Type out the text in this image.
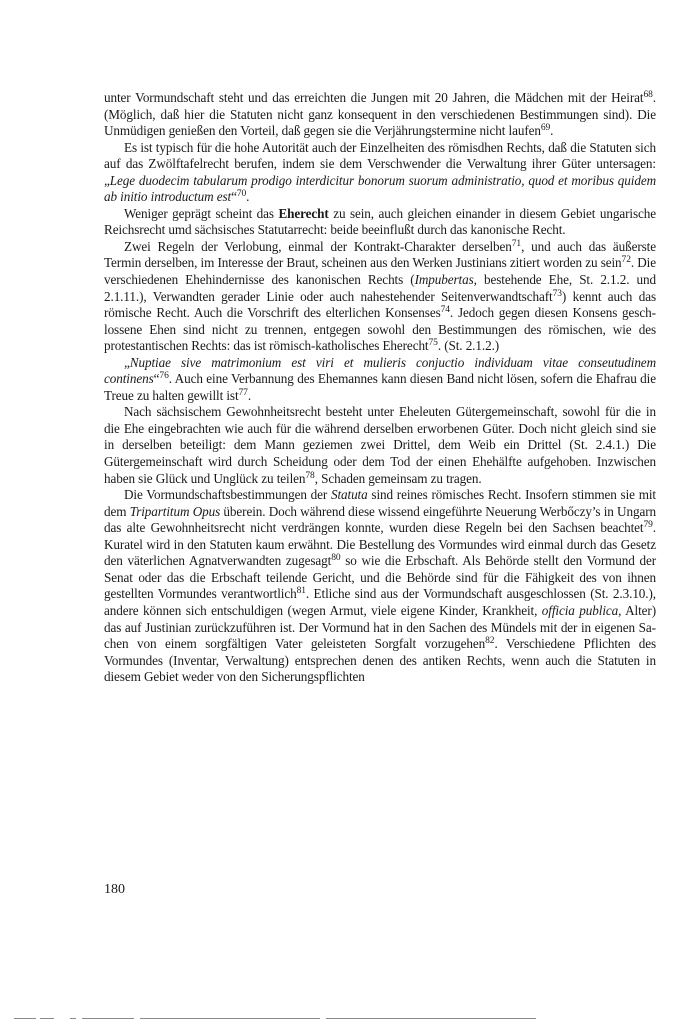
unter Vormundschaft steht und das erreichten die Jungen mit 20 Jahren, die Mädchen mit der Heirat$^{68}$. (Möglich, daß hier die Statuten nicht ganz konsequent in den verschiedenen Bestimmungen sind). Die Unmüdigen genießen den Vorteil, daß gegen sie die Verjährungstermine nicht laufen$^{69}$.

Es ist typisch für die hohe Autorität auch der Einzelheiten des römisdhen Rechts, daß die Statuten sich auf das Zwölftafelrecht berufen, indem sie dem Verschwender die Verwaltung ihrer Güter untersagen: „Lege duodecim tabularum prodigo interdicitur bonorum suorum administratio, quod et moribus quidem ab initio introductum est“$^{70}$.

Weniger geprägt scheint das Eherecht zu sein, auch gleichen einander in diesem Gebiet ungarische Reichsrecht umd sächsisches Statutarrecht: beide beeinflußt durch das kanonische Recht.

Zwei Regeln der Verlobung, einmal der Kontrakt-Charakter derselben$^{71}$, und auch das äußerste Termin derselben, im Interesse der Braut, scheinen aus den Werken Justinians zitiert worden zu sein$^{72}$. Die verschiedenen Ehehindernisse des kanonischen Rechts (Impubertas, bestehende Ehe, St. 2.1.2. und 2.1.11.), Verwandten gerader Linie oder auch nahestehender Seitenverwandtschaft$^{73}$) kennt auch das römische Recht. Auch die Vorschrift des elterlichen Konsenses$^{74}$. Jedoch gegen diesen Konsens geschlossene Ehen sind nicht zu trennen, entgegen sowohl den Bestimmungen des römischen, wie des protestantischen Rechts: das ist römisch-katholisches Eherecht$^{75}$. (St. 2.1.2.)

„Nuptiae sive matrimonium est viri et mulieris conjuctio individuam vitae conseutudinem continens“$^{76}$. Auch eine Verbannung des Ehemannes kann diesen Band nicht lösen, sofern die Ehafrau die Treue zu halten gewillt ist$^{77}$.

Nach sächsischem Gewohnheitsrecht besteht unter Eheleuten Gütergemeinschaft, sowohl für die in die Ehe eingebrachten wie auch für die während derselben erworbenen Güter. Doch nicht gleich sind sie in derselben beteiligt: dem Mann geziemen zwei Drittel, dem Weib ein Drittel (St. 2.4.1.) Die Gütergemeinschaft wird durch Scheidung oder dem Tod der einen Ehehälfte aufgehoben. Inzwischen haben sie Glück und Unglück zu teilen$^{78}$, Schaden gemeinsam zu tragen.

Die Vormundschaftsbestimmungen der Statuta sind reines römisches Recht. Insofern stimmen sie mit dem Tripartitum Opus überein. Doch während diese wissend eingeführte Neuerung Werbőczy’s in Ungarn das alte Gewohnheitsrecht nicht verdrängen konnte, wurden diese Regeln bei den Sachsen beachtet$^{79}$. Kuratel wird in den Statuten kaum erwähnt. Die Bestellung des Vormundes wird einmal durch das Gesetz den väterlichen Agnatverwandten zugesagt$^{80}$ so wie die Erbschaft. Als Behörde stellt den Vormund der Senat oder das die Erbschaft teilende Gericht, und die Behörde sind für die Fähigkeit des von ihnen gestellten Vormundes verantwortlich$^{81}$. Etliche sind aus der Vormundschaft ausgeschlossen (St. 2.3.10.), andere können sich entschuldigen (wegen Armut, viele eigene Kinder, Krankheit, officia publica, Alter) das auf Justinian zurückzuführen ist. Der Vormund hat in den Sachen des Mündels mit der in eigenen Sachen von einem sorgfältigen Vater geleisteten Sorgfalt vorzugehen$^{82}$. Verschiedene Pflichten des Vormundes (Inventar, Verwaltung) entsprechen denen des antiken Rechts, wenn auch die Statuten in diesem Gebiet weder von den Sicherungspflichten

180
